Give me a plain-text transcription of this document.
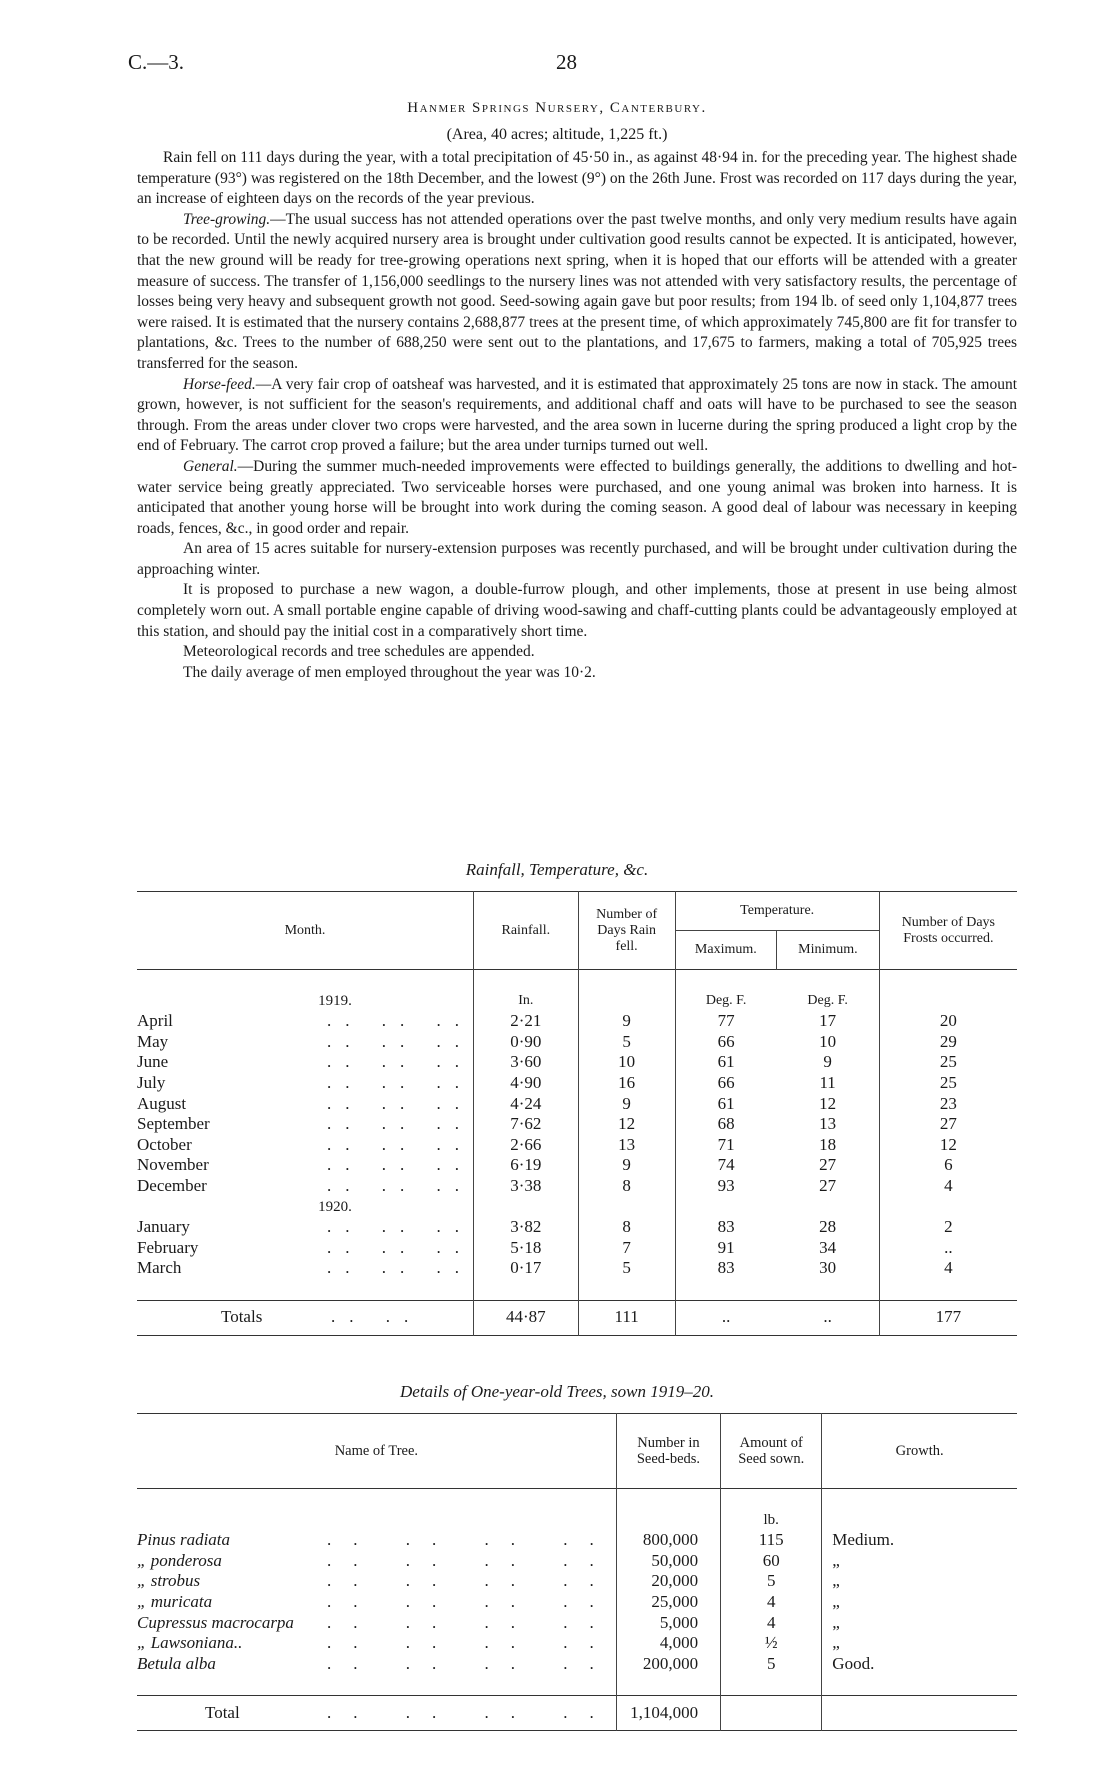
C.—3.	28
Hanmer Springs Nursery, Canterbury.
(Area, 40 acres; altitude, 1,225 ft.)

Rain fell on 111 days during the year, with a total precipitation of 45·50 in., as against 48·94 in. for the preceding year. The highest shade temperature (93°) was registered on the 18th December, and the lowest (9°) on the 26th June. Frost was recorded on 117 days during the year, an increase of eighteen days on the records of the year previous.

Tree-growing.—The usual success has not attended operations over the past twelve months, and only very medium results have again to be recorded. Until the newly acquired nursery area is brought under cultivation good results cannot be expected. It is anticipated, however, that the new ground will be ready for tree-growing operations next spring, when it is hoped that our efforts will be attended with a greater measure of success. The transfer of 1,156,000 seedlings to the nursery lines was not attended with very satisfactory results, the percentage of losses being very heavy and subsequent growth not good. Seed-sowing again gave but poor results; from 194 lb. of seed only 1,104,877 trees were raised. It is estimated that the nursery contains 2,688,877 trees at the present time, of which approximately 745,800 are fit for transfer to plantations, &c. Trees to the number of 688,250 were sent out to the plantations, and 17,675 to farmers, making a total of 705,925 trees transferred for the season.

Horse-feed.—A very fair crop of oatsheaf was harvested, and it is estimated that approximately 25 tons are now in stack. The amount grown, however, is not sufficient for the season's requirements, and additional chaff and oats will have to be purchased to see the season through. From the areas under clover two crops were harvested, and the area sown in lucerne during the spring produced a light crop by the end of February. The carrot crop proved a failure; but the area under turnips turned out well.

General.—During the summer much-needed improvements were effected to buildings generally, the additions to dwelling and hot-water service being greatly appreciated. Two serviceable horses were purchased, and one young animal was broken into harness. It is anticipated that another young horse will be brought into work during the coming season. A good deal of labour was necessary in keeping roads, fences, &c., in good order and repair.

An area of 15 acres suitable for nursery-extension purposes was recently purchased, and will be brought under cultivation during the approaching winter.

It is proposed to purchase a new wagon, a double-furrow plough, and other implements, those at present in use being almost completely worn out. A small portable engine capable of driving wood-sawing and chaff-cutting plants could be advantageously employed at this station, and should pay the initial cost in a comparatively short time.

Meteorological records and tree schedules are appended.

The daily average of men employed throughout the year was 10·2.

Rainfall, Temperature, &c.
Month.	Rainfall.	Number of Days Rain fell.	Temperature.		Number of Days Frosts occurred.
			Maximum.	Minimum.	

1919.	In.		Deg. F.	Deg. F.	
April .. .. ..	2·21	9	77	17	20
May .. .. ..	0·90	5	66	10	29
June .. .. ..	3·60	10	61	9	25
July .. .. ..	4·90	16	66	11	25
August .. .. ..	4·24	9	61	12	23
September .. .. ..	7·62	12	68	13	27
October .. .. ..	2·66	13	71	18	12
November .. .. ..	6·19	9	74	27	6
December .. .. ..	3·38	8	93	27	4
1920.					
January .. .. ..	3·82	8	83	28	2
February .. .. ..	5·18	7	91	34	..
March .. .. ..	0·17	5	83	30	4

Totals .. ..	44·87	111	..	..	177
Details of One-year-old Trees, sown 1919–20.
Name of Tree.	Number in Seed-beds.	Amount of Seed sown.	Growth.

		lb.	
Pinus radiata .. .. .. ..	800,000	115	Medium.
„ ponderosa .. .. .. ..	50,000	60	„
„ strobus .. .. .. ..	20,000	5	„
„ muricata .. .. .. ..	25,000	4	„
Cupressus macrocarpa .. .. .. ..	5,000	4	„
„ Lawsoniana.. .. .. .. ..	4,000	½	„
Betula alba .. .. .. ..	200,000	5	Good.

Total .. .. .. ..	1,104,000		
